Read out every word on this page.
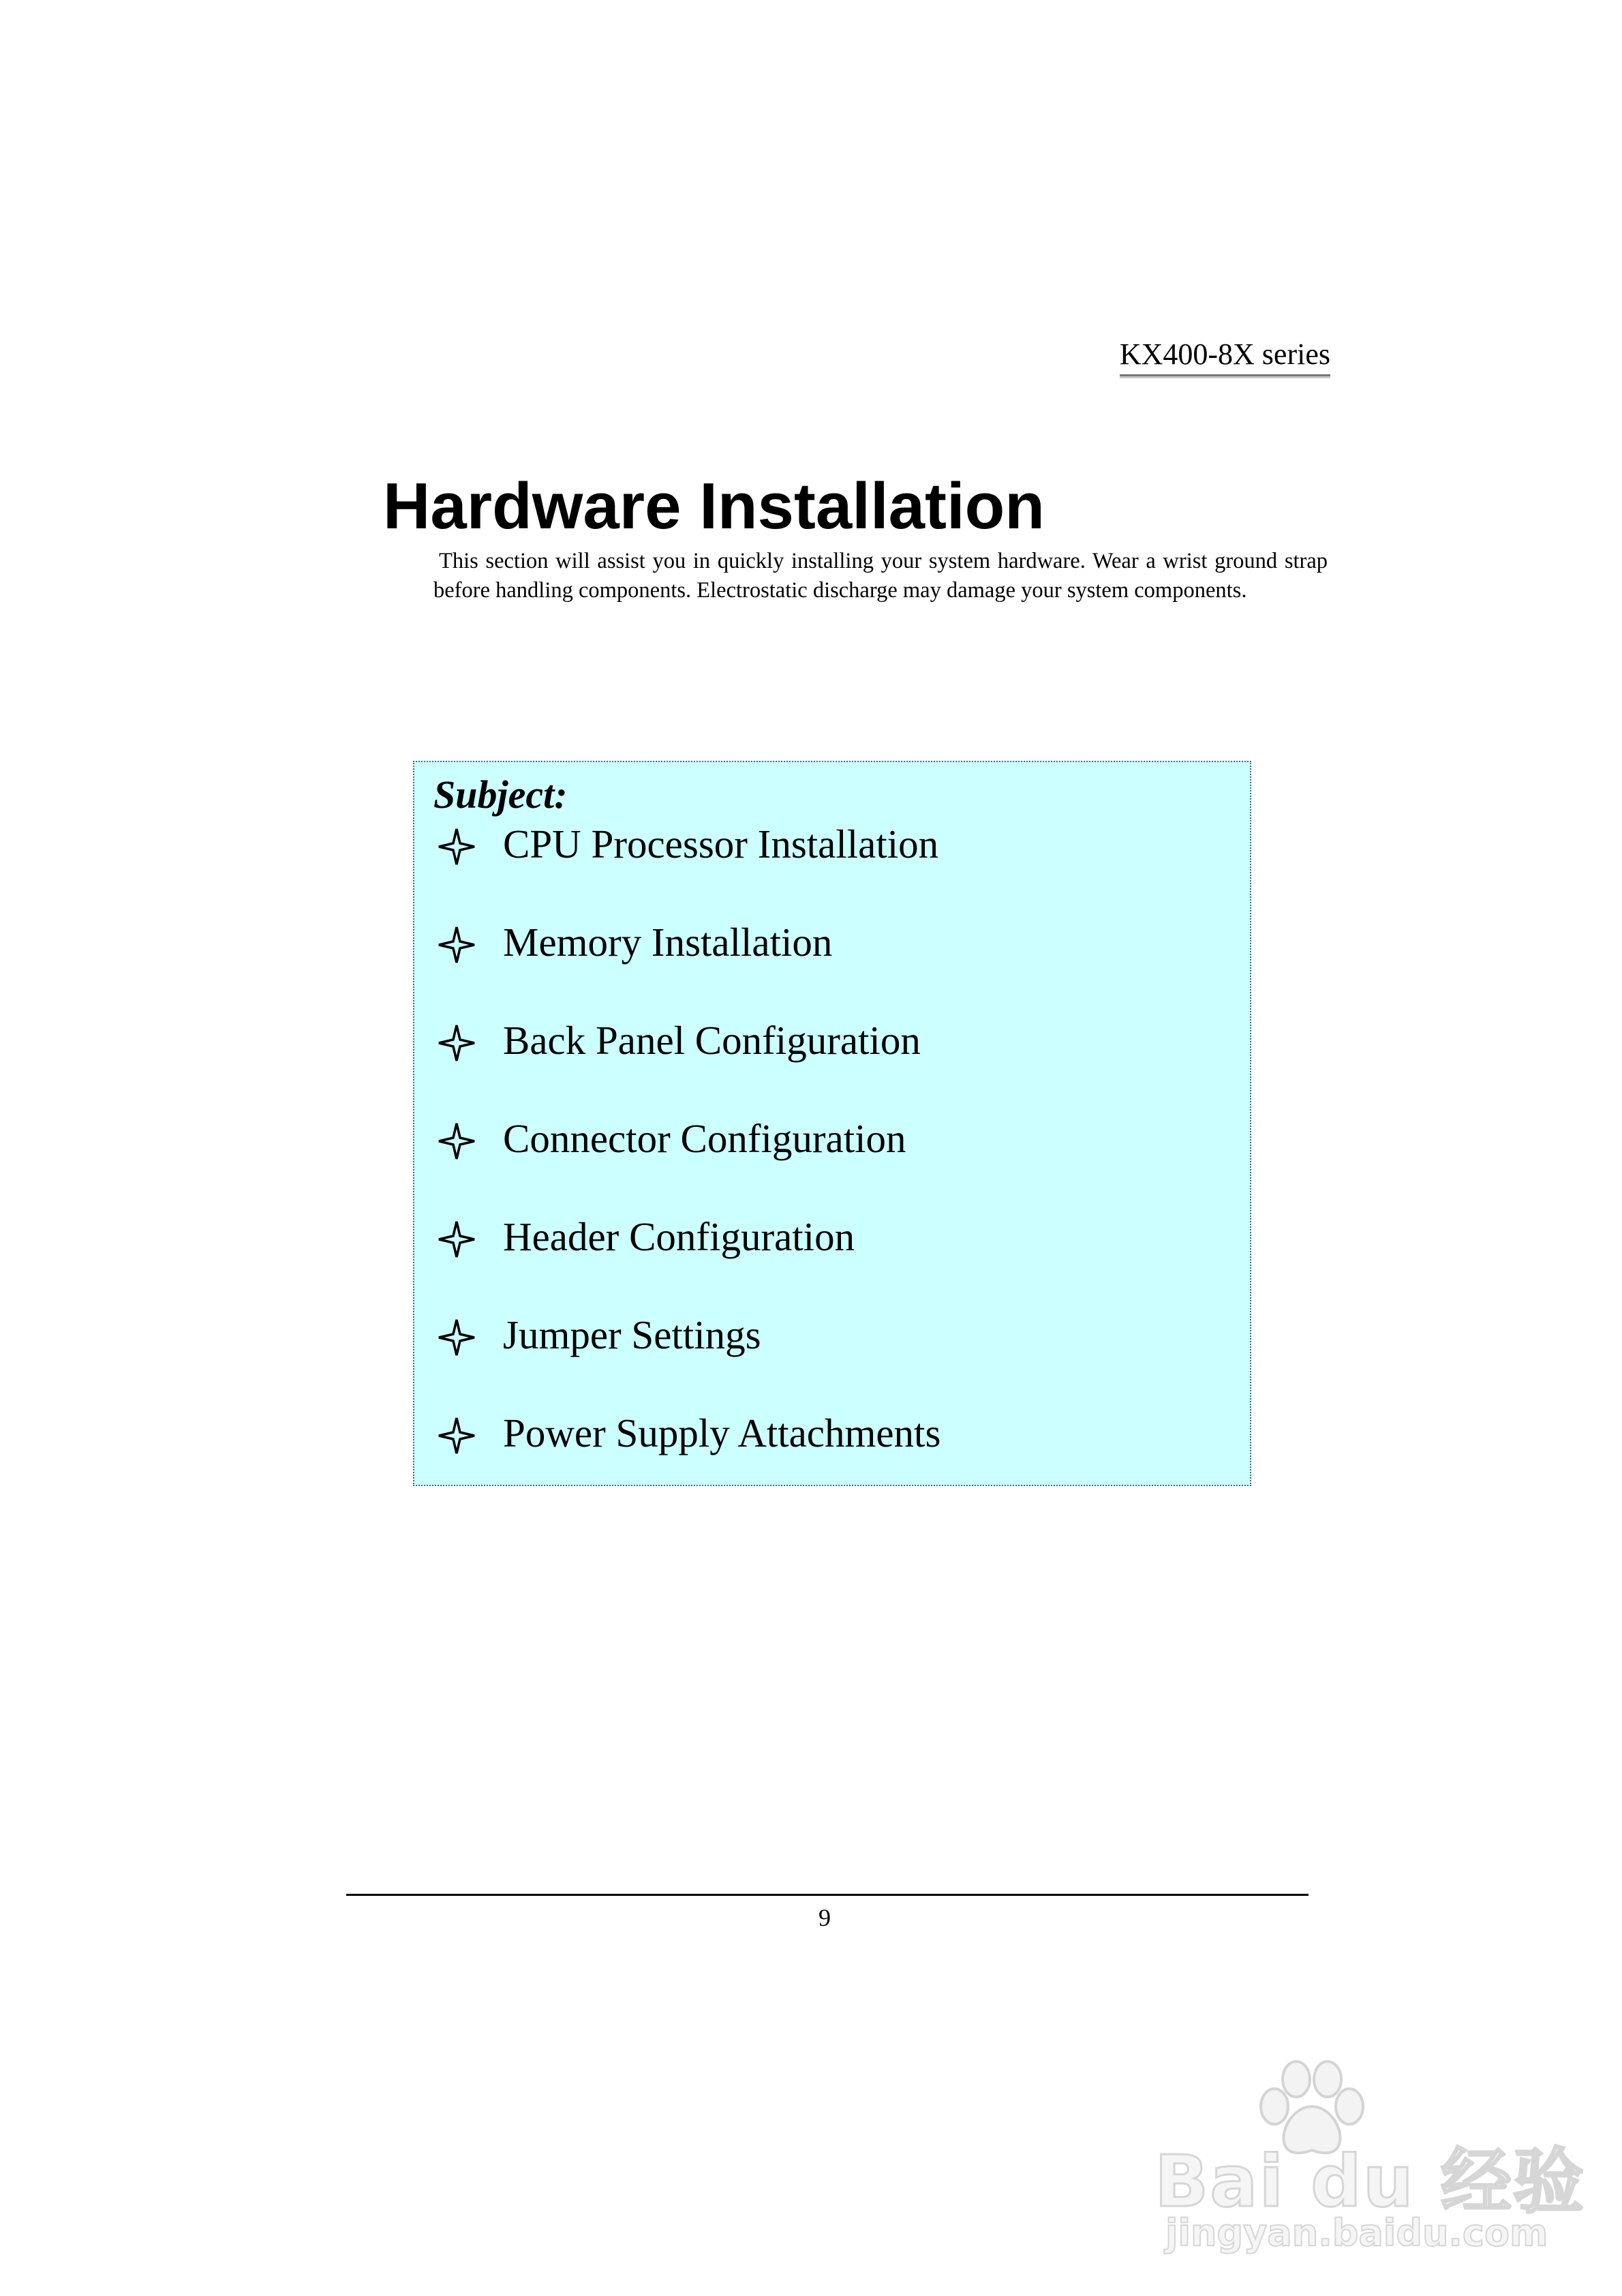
KX400-8X series
Hardware Installation

This section will assist you in quickly installing your system hardware. Wear a wrist ground strap before handling components. Electrostatic discharge may damage your system components.

Subject:
CPU Processor Installation
Memory Installation
Back Panel Configuration
Connector Configuration
Header Configuration
Jumper Settings
Power Supply Attachments
9
Bai du 经验
jingyan.baidu.com
